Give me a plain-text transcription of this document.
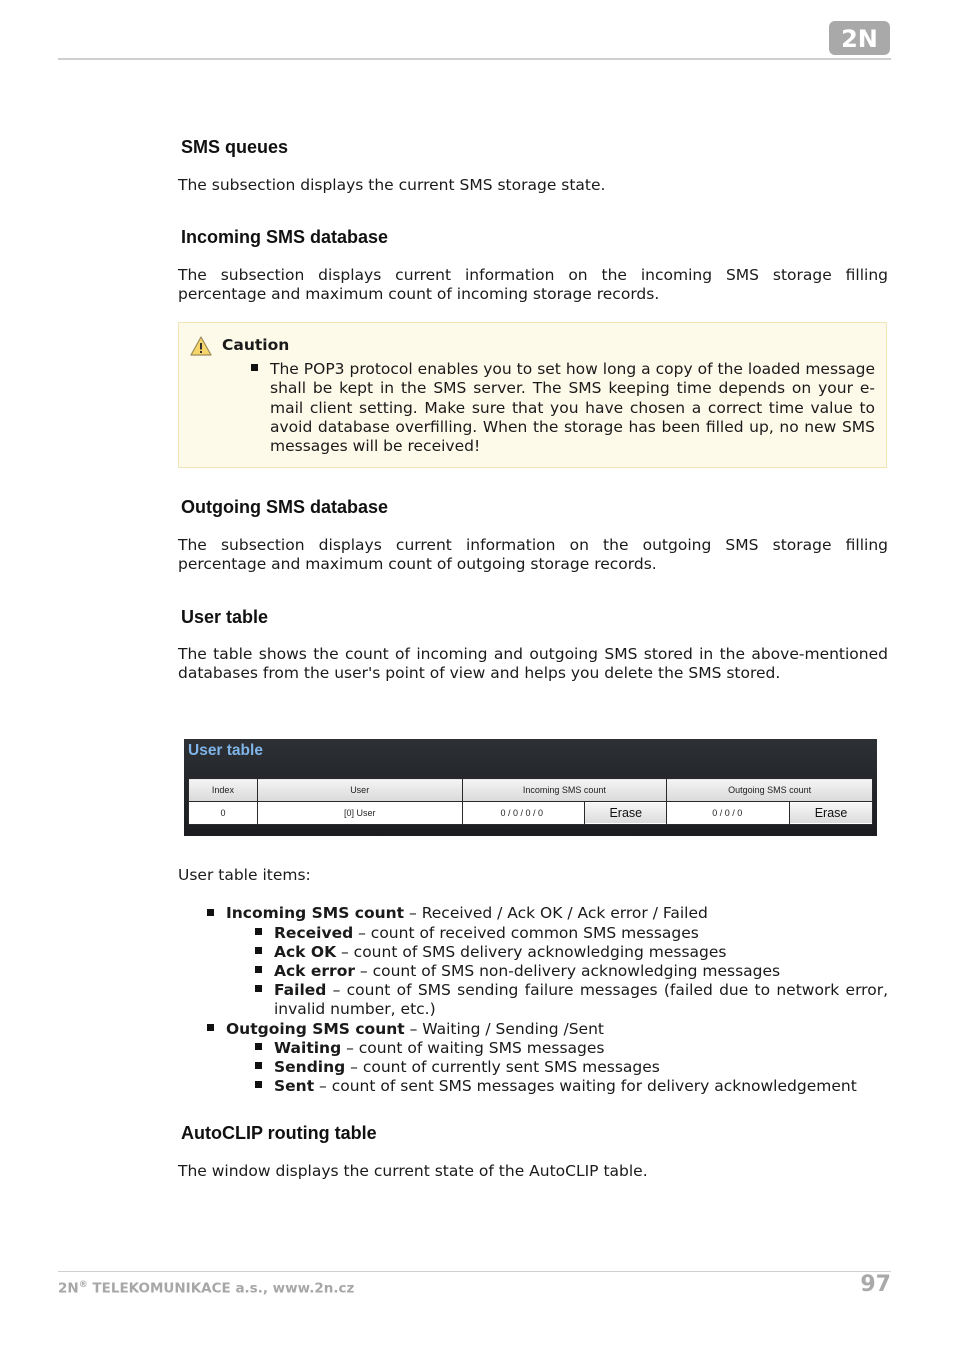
2N
SMS queues

The subsection displays the current SMS storage state.

Incoming SMS database

The subsection displays current information on the incoming SMS storage filling percentage and maximum count of incoming storage records.

Caution

The POP3 protocol enables you to set how long a copy of the loaded message shall be kept in the SMS server. The SMS keeping time depends on your e-mail client setting. Make sure that you have chosen a correct time value to avoid database overfilling. When the storage has been filled up, no new SMS messages will be received!

Outgoing SMS database

The subsection displays current information on the outgoing SMS storage filling percentage and maximum count of outgoing storage records.

User table

The table shows the count of incoming and outgoing SMS stored in the above-mentioned databases from the user's point of view and helps you delete the SMS stored.

User table
Index	User	Incoming SMS count		Outgoing SMS count	
0	[0] User	0 / 0 / 0 / 0	Erase	0 / 0 / 0	Erase
User table items:
Incoming SMS count – Received / Ack OK / Ack error / Failed
Received – count of received common SMS messages
Ack OK – count of SMS delivery acknowledging messages
Ack error – count of SMS non-delivery acknowledging messages
Failed – count of SMS sending failure messages (failed due to network error, invalid number, etc.)
Outgoing SMS count – Waiting / Sending /Sent
Waiting – count of waiting SMS messages
Sending – count of currently sent SMS messages
Sent – count of sent SMS messages waiting for delivery acknowledgement
AutoCLIP routing table

The window displays the current state of the AutoCLIP table.

2N® TELEKOMUNIKACE a.s., www.2n.cz	97
